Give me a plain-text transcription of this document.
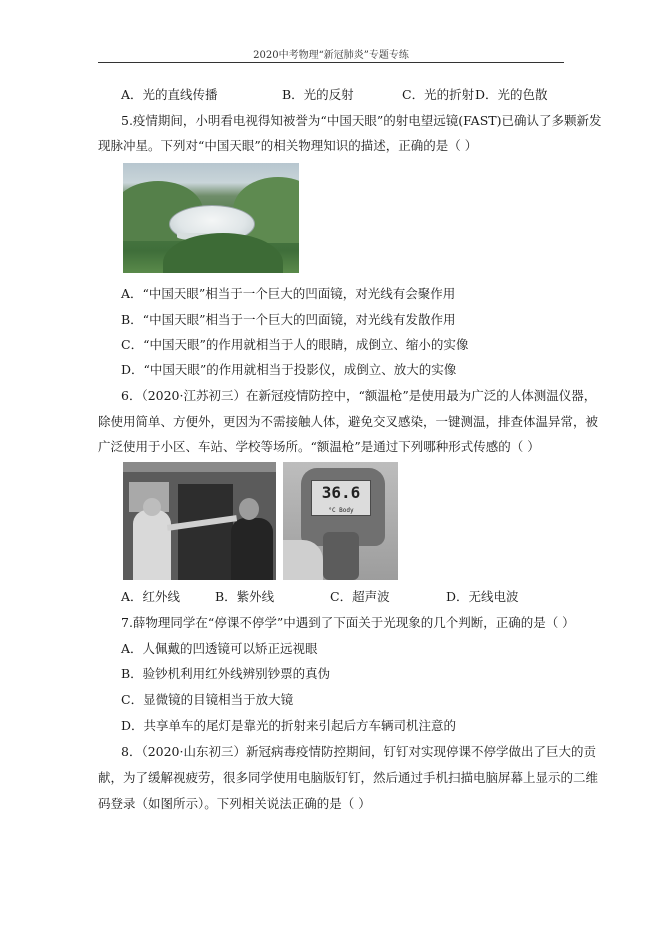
2020中考物理“新冠肺炎”专题专练
A．光的直线传播	B．光的反射	C．光的折射 D．光的色散
5.疫情期间，小明看电视得知被誉为“中国天眼”的射电望远镜(FAST)已确认了多颗新发
现脉冲星。下列对“中国天眼”的相关物理知识的描述，正确的是（ ）
A．“中国天眼”相当于一个巨大的凹面镜，对光线有会聚作用
B．“中国天眼”相当于一个巨大的凹面镜，对光线有发散作用
C．“中国天眼”的作用就相当于人的眼睛，成倒立、缩小的实像
D．“中国天眼”的作用就相当于投影仪，成倒立、放大的实像
6．（2020·江苏初三）在新冠疫情防控中，“额温枪”是使用最为广泛的人体测温仪器，
除使用简单、方便外，更因为不需接触人体，避免交叉感染，一键测温，排查体温异常，被
广泛使用于小区、车站、学校等场所。“额温枪”是通过下列哪种形式传感的（ ）
36.6
°C Body
A．红外线	B．紫外线	C．超声波	D．无线电波
7.薛物理同学在“停课不停学”中遇到了下面关于光现象的几个判断，正确的是（ ）
A．人佩戴的凹透镜可以矫正远视眼
B．验钞机利用红外线辨别钞票的真伪
C．显微镜的目镜相当于放大镜
D．共享单车的尾灯是靠光的折射来引起后方车辆司机注意的
8．（2020·山东初三）新冠病毒疫情防控期间，钉钉对实现停课不停学做出了巨大的贡
献，为了缓解视疲劳，很多同学使用电脑版钉钉，然后通过手机扫描电脑屏幕上显示的二维
码登录（如图所示）。下列相关说法正确的是（ ）
